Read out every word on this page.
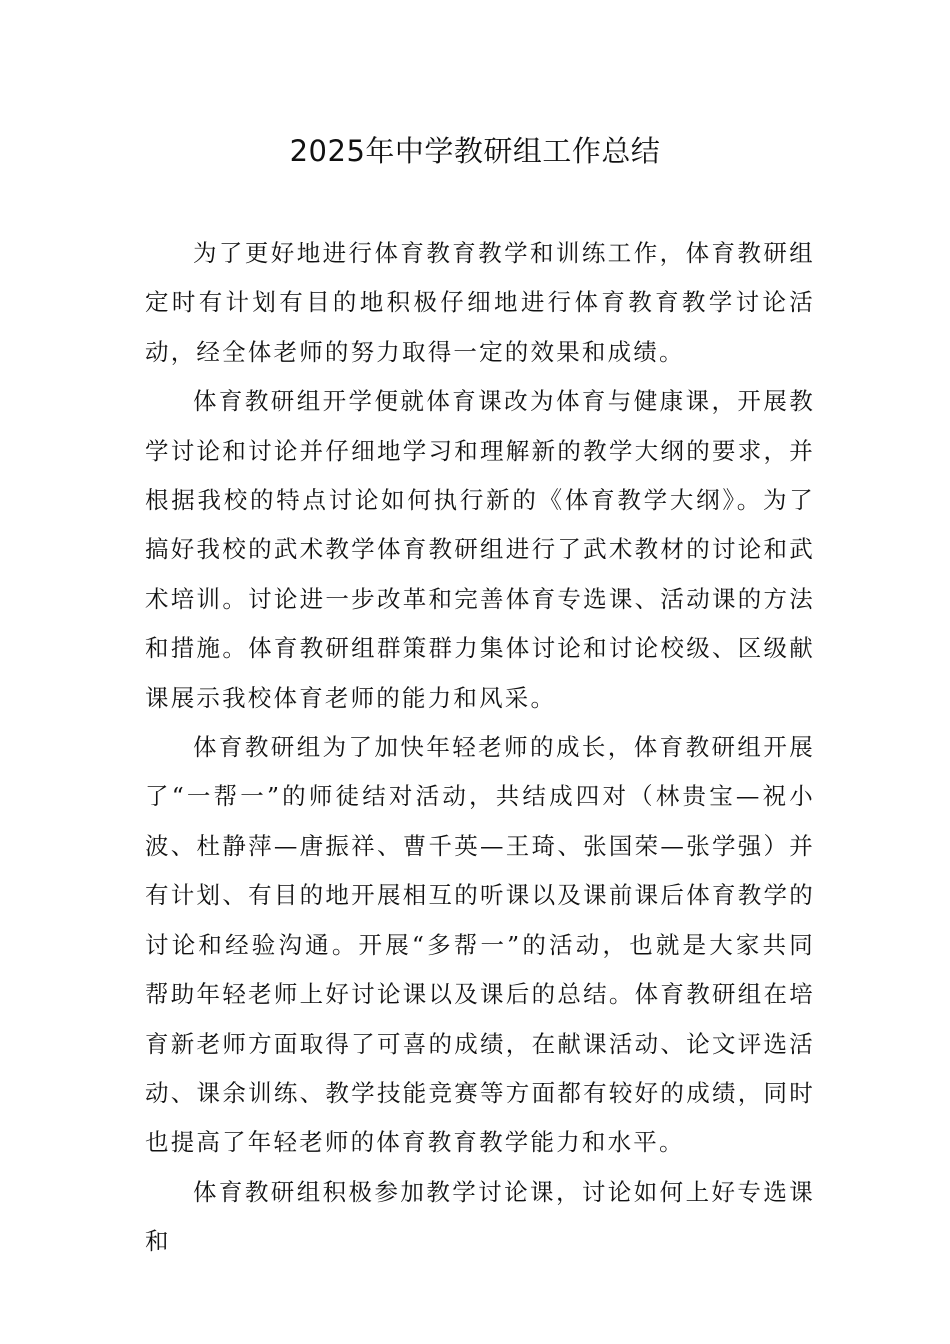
2025年中学教研组工作总结

为了更好地进行体育教育教学和训练工作，体育教研组定时有计划有目的地积极仔细地进行体育教育教学讨论活动，经全体老师的努力取得一定的效果和成绩。

体育教研组开学便就体育课改为体育与健康课，开展教学讨论和讨论并仔细地学习和理解新的教学大纲的要求，并根据我校的特点讨论如何执行新的《体育教学大纲》。为了搞好我校的武术教学体育教研组进行了武术教材的讨论和武术培训。讨论进一步改革和完善体育专选课、活动课的方法和措施。体育教研组群策群力集体讨论和讨论校级、区级献课展示我校体育老师的能力和风采。

体育教研组为了加快年轻老师的成长，体育教研组开展了“一帮一”的师徒结对活动，共结成四对（林贵宝—祝小波、杜静萍—唐振祥、曹千英—王琦、张国荣—张学强）并有计划、有目的地开展相互的听课以及课前课后体育教学的讨论和经验沟通。开展“多帮一”的活动，也就是大家共同帮助年轻老师上好讨论课以及课后的总结。体育教研组在培育新老师方面取得了可喜的成绩，在献课活动、论文评选活动、课余训练、教学技能竞赛等方面都有较好的成绩，同时也提高了年轻老师的体育教育教学能力和水平。

体育教研组积极参加教学讨论课，讨论如何上好专选课和
